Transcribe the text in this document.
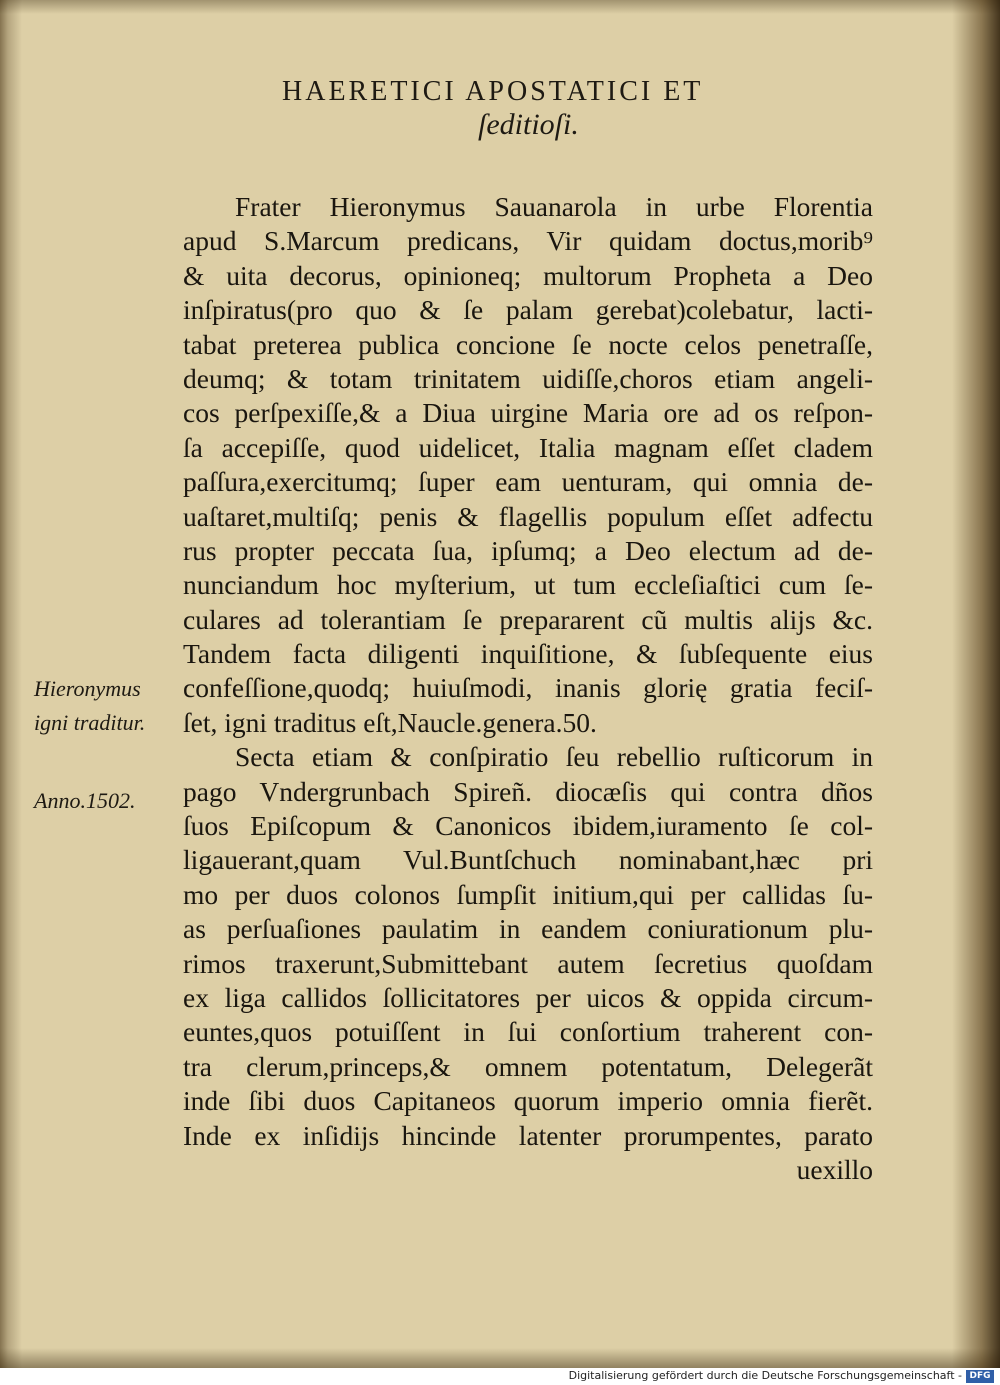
HAERETICI APOSTATICI ET
ſeditioſi.
Frater Hieronymus Sauanarola in urbe Florentia
apud S.Marcum predicans, Vir quidam doctus,morib⁹
& uita decorus, opinioneq; multorum Propheta a Deo
inſpiratus(pro quo & ſe palam gerebat)colebatur, lacti-
tabat preterea publica concione ſe nocte celos penetraſſe,
deumq; & totam trinitatem uidiſſe,choros etiam angeli-
cos perſpexiſſe,& a Diua uirgine Maria ore ad os reſpon-
ſa accepiſſe, quod uidelicet, Italia magnam eſſet cladem
paſſura,exercitumq; ſuper eam uenturam, qui omnia de-
uaſtaret,multiſq; penis & flagellis populum eſſet adfectu
rus propter peccata ſua, ipſumq; a Deo electum ad de-
nunciandum hoc myſterium, ut tum eccleſiaſtici cum ſe-
culares ad tolerantiam ſe prepararent cũ multis alijs &c.
Tandem facta diligenti inquiſitione, & ſubſequente eius
confeſſione,quodq; huiuſmodi, inanis glorię gratia feciſ-
ſet, igni traditus eſt,Naucle.genera.50.
Secta etiam & conſpiratio ſeu rebellio ruſticorum in
pago Vndergrunbach Spireñ. diocæſis qui contra dños
ſuos Epiſcopum & Canonicos ibidem,iuramento ſe col-
ligauerant,quam Vul.Buntſchuch nominabant,hæc pri
mo per duos colonos ſumpſit initium,qui per callidas ſu-
as perſuaſiones paulatim in eandem coniurationum plu-
rimos traxerunt,Submittebant autem ſecretius quoſdam
ex liga callidos ſollicitatores per uicos & oppida circum-
euntes,quos potuiſſent in ſui conſortium traherent con-
tra clerum,princeps,& omnem potentatum, Delegerãt
inde ſibi duos Capitaneos quorum imperio omnia fierẽt.
Inde ex inſidijs hincinde latenter prorumpentes, parato
uexillo
Hieronymus
igni traditur.
Anno.1502.
Digitalisierung gefördert durch die Deutsche Forschungsgemeinschaft - DFG
